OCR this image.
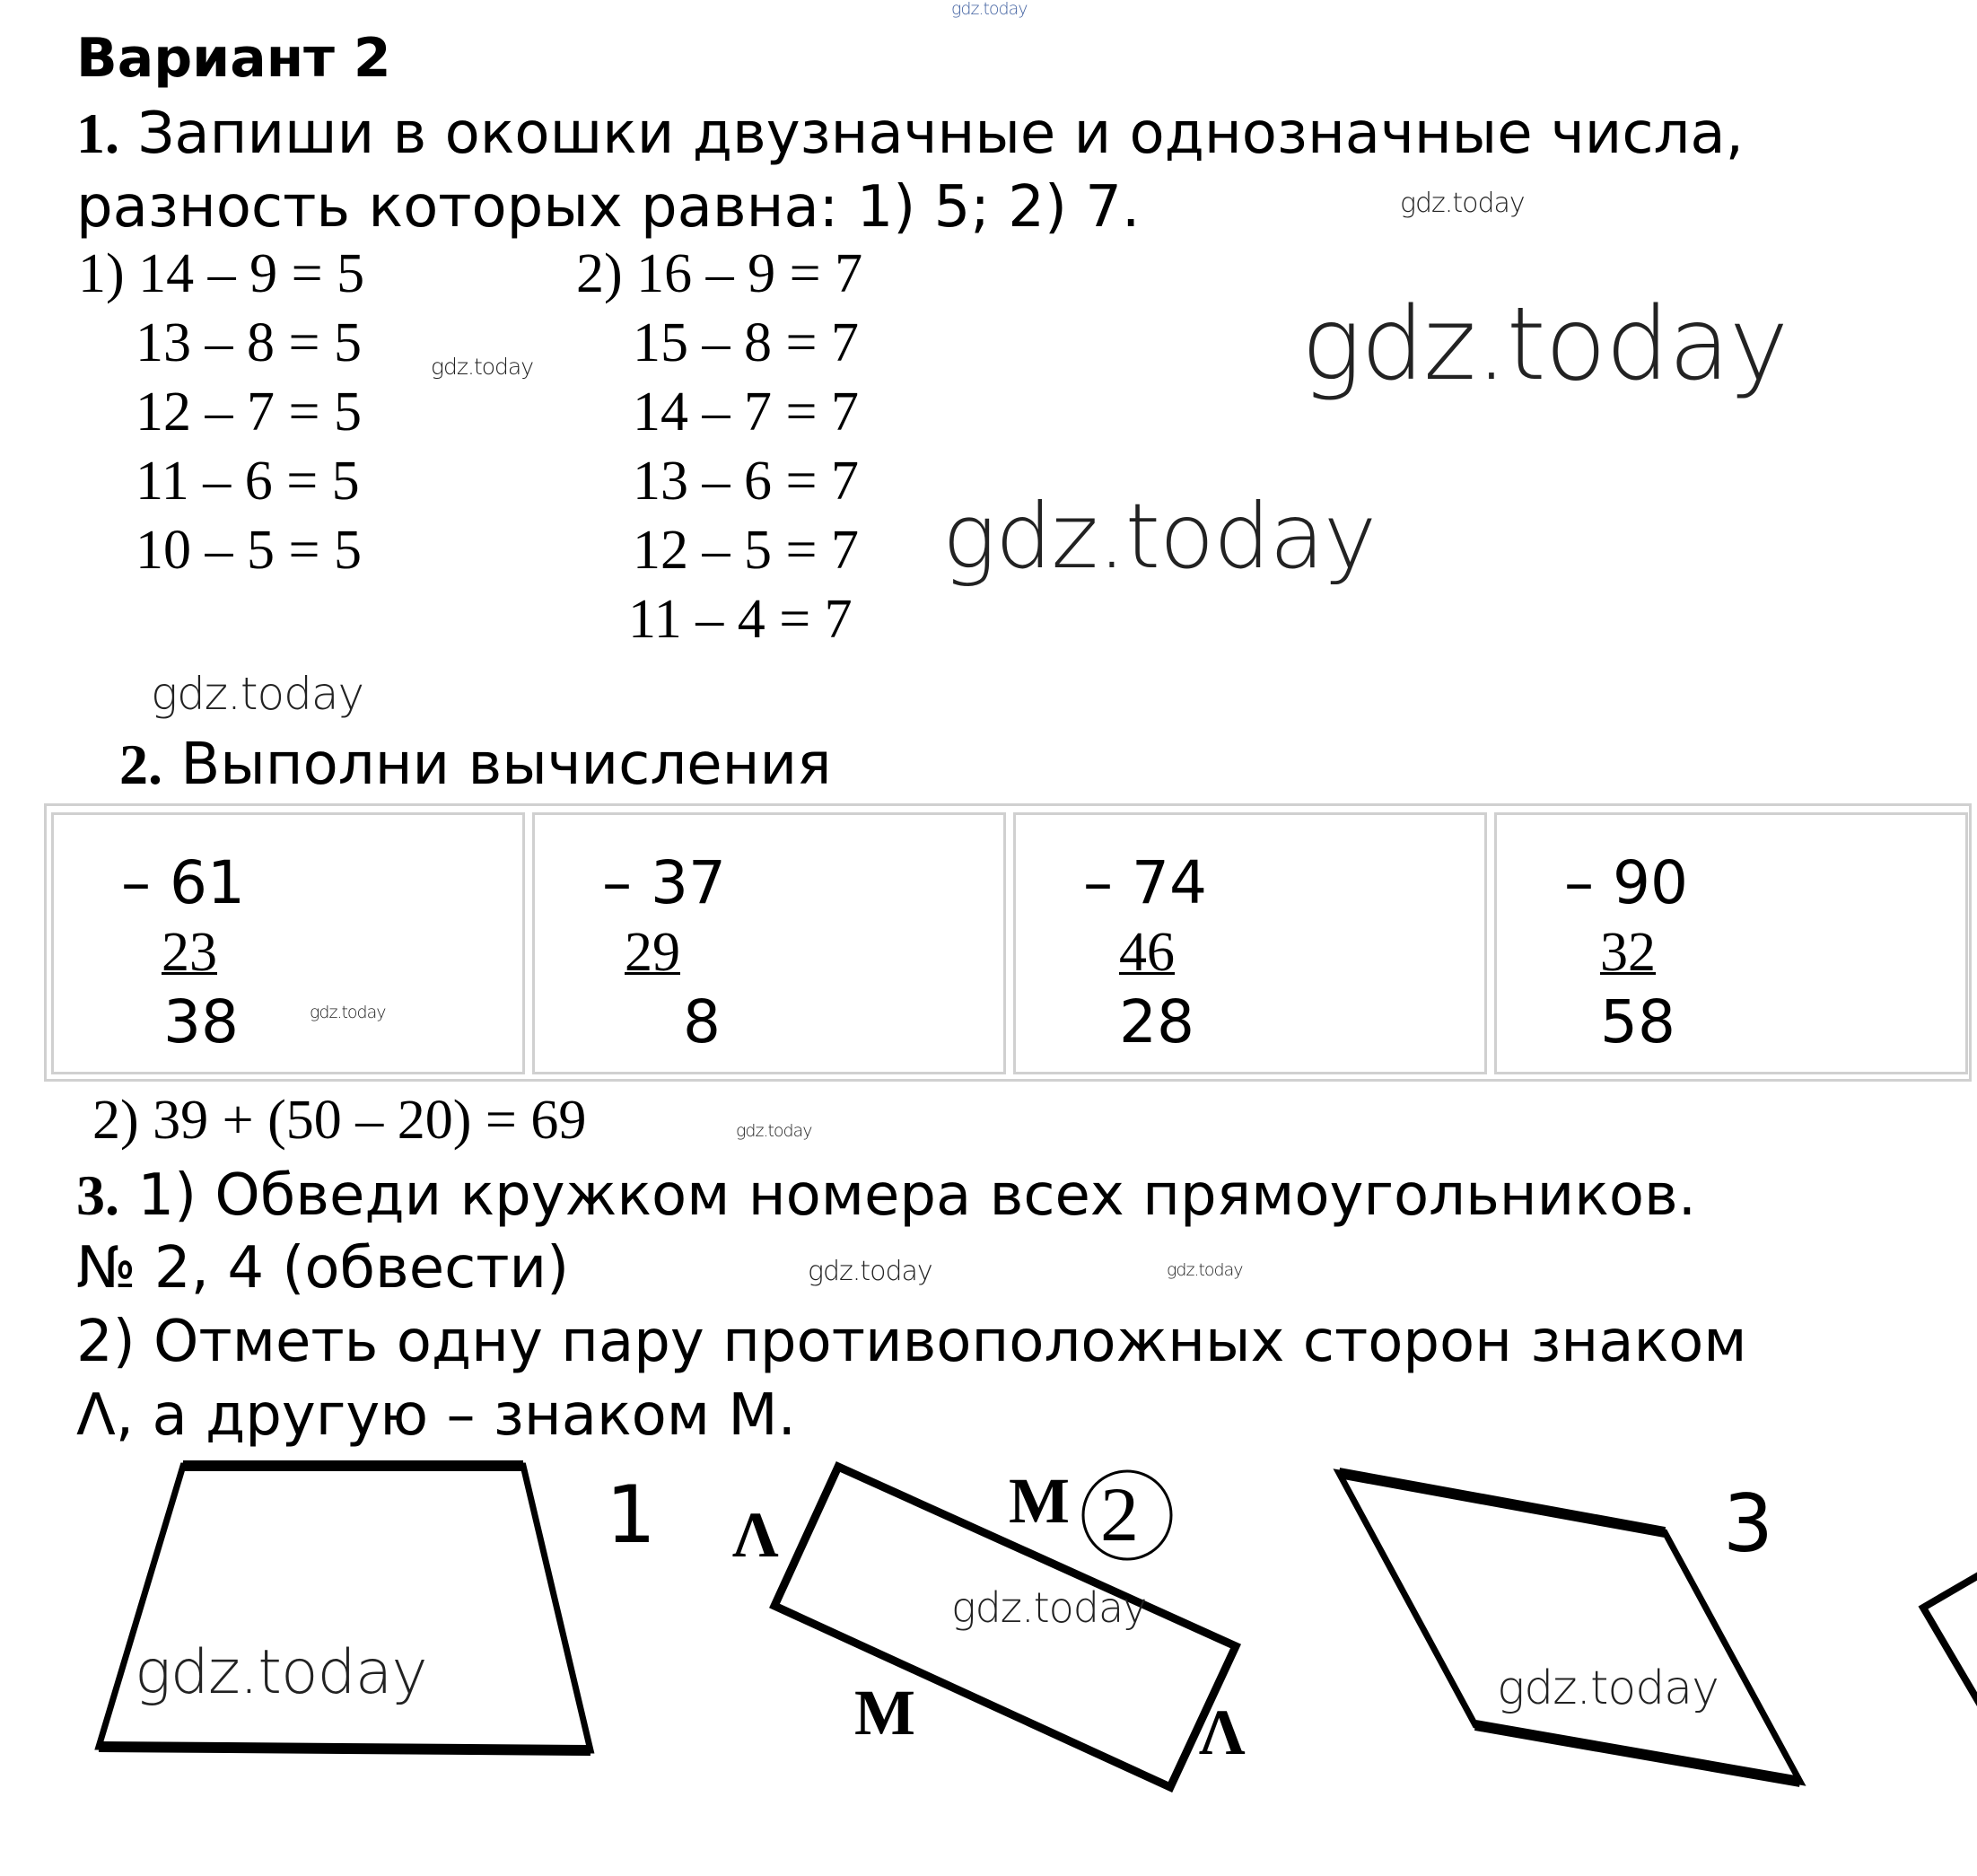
Вариант 2
1. Запиши в окошки двузначные и однозначные числа,
разность которых равна: 1) 5; 2) 7.
1) 14 – 9 = 5
13 – 8 = 5
12 – 7 = 5
11 – 6 = 5
10 – 5 = 5
2) 16 – 9 = 7
15 – 8 = 7
14 – 7 = 7
13 – 6 = 7
12 – 5 = 7
11 – 4 = 7
2. Выполни вычисления
– 61
23
38	gdz.today
– 37
29
8
– 74
46
28
– 90
32
58
2) 39 + (50 – 20) = 69
3. 1) Обведи кружком номера всех прямоугольников.
№ 2, 4 (обвести)
2) Отметь одну пару противоположных сторон знаком
Λ, а другую – знаком М.
1	3
2
Λ	М
М	Λ
gdz.today
gdz.today
gdz.today
gdz.today
gdz.today
gdz.today
gdz.today
gdz.today	gdz.today
gdz.today
gdz.today
gdz.today
